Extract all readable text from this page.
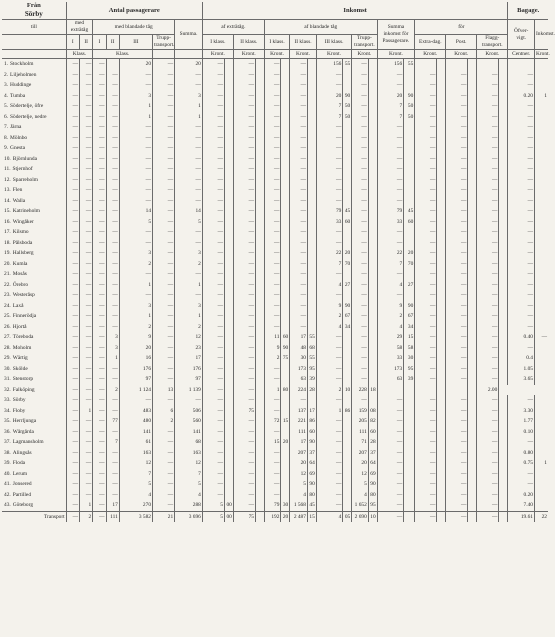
Från
Sörby	Antal passagerare							Inkomst																				Bagage.	
till	med exträtåg		med blandade tåg				Summa.	af exträtåg.				af blandade tåg								Summa inkomst för Passagerare.		för						Öfver-vigt.	Inkomst.
	I	II	I	II	III	Trupp-transport.		I klass.		II klass.		I klass.		II klass.		III klass.		Trupp-transport.				Extra-dag.		Post.		Flagg-transport.			
	Klass.		Klass.					Kront.		Kront.		Kront.		Kront.		Kront.		Kront.		Kront.		Kront.		Kront.		Kront.		Centner.	Kront.
1. Stockholm	—	—	—		20	—	20	—		—		—		—		156	55	—		156	55								
2. Liljeholmen	—	—	—	—	—	—	—	—		—		—		—		—		—		—		—		—		—		—	
3. Huddinge	—	—	—	—	—	—	—	—		—		—		—		—		—		—		—		—		—		—	
4. Tumba	—	—	—	—	3	—	3	—		—		—		—		20	90	—		20	90	—		—		—		0.20	1
5. Södertelje, öfre	—	—	—	—	1	—	1	—		—		—		—		7	50	—		7	50	—		—		—		—	
6. Södertelje, nedre	—	—	—	—	1	—	1	—		—		—		—		7	50	—		7	50	—		—		—		—	
7. Järna	—	—	—	—	—	—	—	—		—		—		—		—		—		—		—		—		—		—	
8. Mölnbo	—	—	—	—	—	—	—	—		—		—		—		—		—		—		—		—		—		—	
9. Gnesta	—	—	—	—	—	—	—	—		—		—		—		—		—		—		—		—		—		—	
10. Björnlunda	—	—	—	—	—	—	—	—		—		—		—		—		—		—		—		—		—		—	
11. Stjernhof	—	—	—	—	—	—	—	—		—		—		—		—		—		—		—		—		—		—	
12. Sparreholm	—	—	—	—	—	—	—	—		—		—		—		—		—		—		—		—		—		—	
13. Flen	—	—	—	—	—	—	—	—		—		—		—		—		—		—		—		—		—		—	
14. Walla	—	—	—	—	—	—	—	—		—		—		—		—		—		—		—		—		—		—	
15. Katrineholm	—	—	—	—	14	—	14	—		—		—		—		79	45	—		79	45	—		—		—		—	
16. Wingåker	—	—	—	—	5	—	5	—		—		—		—		33	60	—		33	60	—		—		—		—	
17. Kilsmo	—	—	—	—	—	—	—	—		—		—		—		—		—		—		—		—		—		—	
18. Pålsboda	—	—	—	—	—	—	—	—		—		—		—		—		—		—		—		—		—		—	
19. Hallsberg	—	—	—	—	3	—	3	—		—		—		—		22	20	—		22	20	—		—		—		—	
20. Kumla	—	—	—	—	2	—	2	—		—		—		—		7	70	—		7	70	—		—		—		—	
21. Mosås	—	—	—	—	—	—	—	—		—		—		—		—		—		—		—		—		—		—	
22. Örebro	—	—	—	—	1	—	1	—		—		—		—		4	27	—		4	27	—		—		—		—	
23. Westeråsp	—	—	—	—	—	—	—	—		—		—		—		—		—		—		—		—		—		—	
24. Laxå	—	—	—	—	3	—	3	—		—		—		—		9	90	—		9	90	—		—		—		—	
25. Finnerödja	—	—	—	—	1	—	1	—		—		—		—		2	67	—		2	67	—		—		—		—	
26. Hjortå	—	—	—	—	2	—	2	—		—		—		—		4	34	—		4	34	—		—		—		—	
27. Töreboda	—	—	—	3	9	—	12	—		—		11	60	17	55	—		—		29	15	—		—		—		0.40	—
28. Moholm	—	—	—	3	20	—	23	—		—		9	90	48	68	—		—		58	58	—		—		—		—	
29. Wärtig	—	—	—	1	16	—	17	—		—		2	75	30	55	—		—		33	30	—		—		—		0.4	
30. Skölde	—	—	—	—	176	—	176	—		—		—		173	95	—		—		173	95	—		—		—		1.05	
31. Stenstorp	—	—	—	—	97	—	97	—		—		—		63	39	—		—		63	39	—		—		—		3.65	
32. Falköping	—	—	—	2	1 124	13	1 139	—		—		1	80	224	28	2	10	228	18							2.00			
33. Sörby	—	—	—	—	—	—	—	—		—		—		—		—		—		—		—		—		—		—	
34. Floby	—	1	—	—	483	6	506	—		75		—		137	17	1	86	159	08	—		—		—		—		3.30	
35. Herrljunga	—	—	—	77	480	2	560	—		—		72	15	221	86	—		205	82	—		—		—		—		1.77	
36. Wårgårda	—	—	—	—	141	—	141	—		—		—		111	60	—		111	60	—		—		—		—		0.10	
37. Lagmansholm	—	—	—	7	61	—	68	—		—		15	20	17	90	—		71	28	—		—		—		—		—	
38. Alingsås	—	—	—	—	163	—	163	—		—		—		207	37	—		207	37	—		—		—		—		0.80	
39. Floda	—	—	—	—	12	—	12	—		—		—		20	64	—		20	64	—		—		—		—		0.75	1
40. Lerum	—	—	—	—	7	—	7	—		—		—		12	69	—		12	69	—		—		—		—		—	
41. Jonsered	—	—	—	—	5	—	5	—		—		—		5	90	—		5	90	—		—		—		—		—	
42. Partilled	—	—	—	—	4	—	4	—		—		—		4	80	—		4	80	—		—		—		—		0.20	
43. Göteborg	—	1	—	17	270	—	288	5	00	—		79	30	1 568	45	—		1 652	95	—		—		—		—		7.40	
Transport	—	2	—	111	3 582	21	3 696	5	00	75		192	20	2 487	15	4	05	2 690	10	—		—		—		—		19.61	22
